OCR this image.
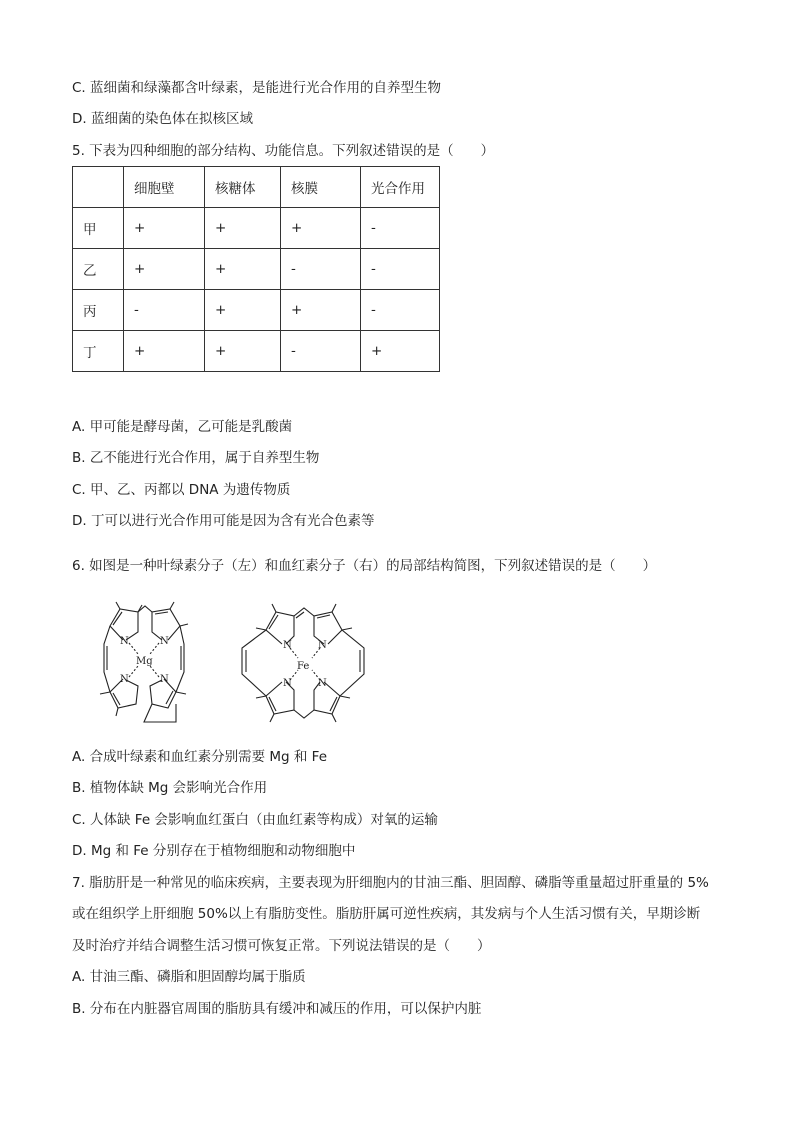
C. 蓝细菌和绿藻都含叶绿素，是能进行光合作用的自养型生物
D. 蓝细菌的染色体在拟核区域
5. 下表为四种细胞的部分结构、功能信息。下列叙述错误的是（　　）
	细胞壁	核糖体	核膜	光合作用
甲	+	+	+	-
乙	+	+	-	-
丙	-	+	+	-
丁	+	+	-	+
A. 甲可能是酵母菌，乙可能是乳酸菌
B. 乙不能进行光合作用，属于自养型生物
C. 甲、乙、丙都以 DNA 为遗传物质
D. 丁可以进行光合作用可能是因为含有光合色素等
6. 如图是一种叶绿素分子（左）和血红素分子（右）的局部结构简图，下列叙述错误的是（　　）
N	N
N	N
Mg
N	N
N	N
Fe
A. 合成叶绿素和血红素分别需要 Mg 和 Fe
B. 植物体缺 Mg 会影响光合作用
C. 人体缺 Fe 会影响血红蛋白（由血红素等构成）对氧的运输
D. Mg 和 Fe 分别存在于植物细胞和动物细胞中
7. 脂肪肝是一种常见的临床疾病，主要表现为肝细胞内的甘油三酯、胆固醇、磷脂等重量超过肝重量的 5%
或在组织学上肝细胞 50%以上有脂肪变性。脂肪肝属可逆性疾病，其发病与个人生活习惯有关，早期诊断
及时治疗并结合调整生活习惯可恢复正常。下列说法错误的是（　　）
A. 甘油三酯、磷脂和胆固醇均属于脂质
B. 分布在内脏器官周围的脂肪具有缓冲和减压的作用，可以保护内脏
